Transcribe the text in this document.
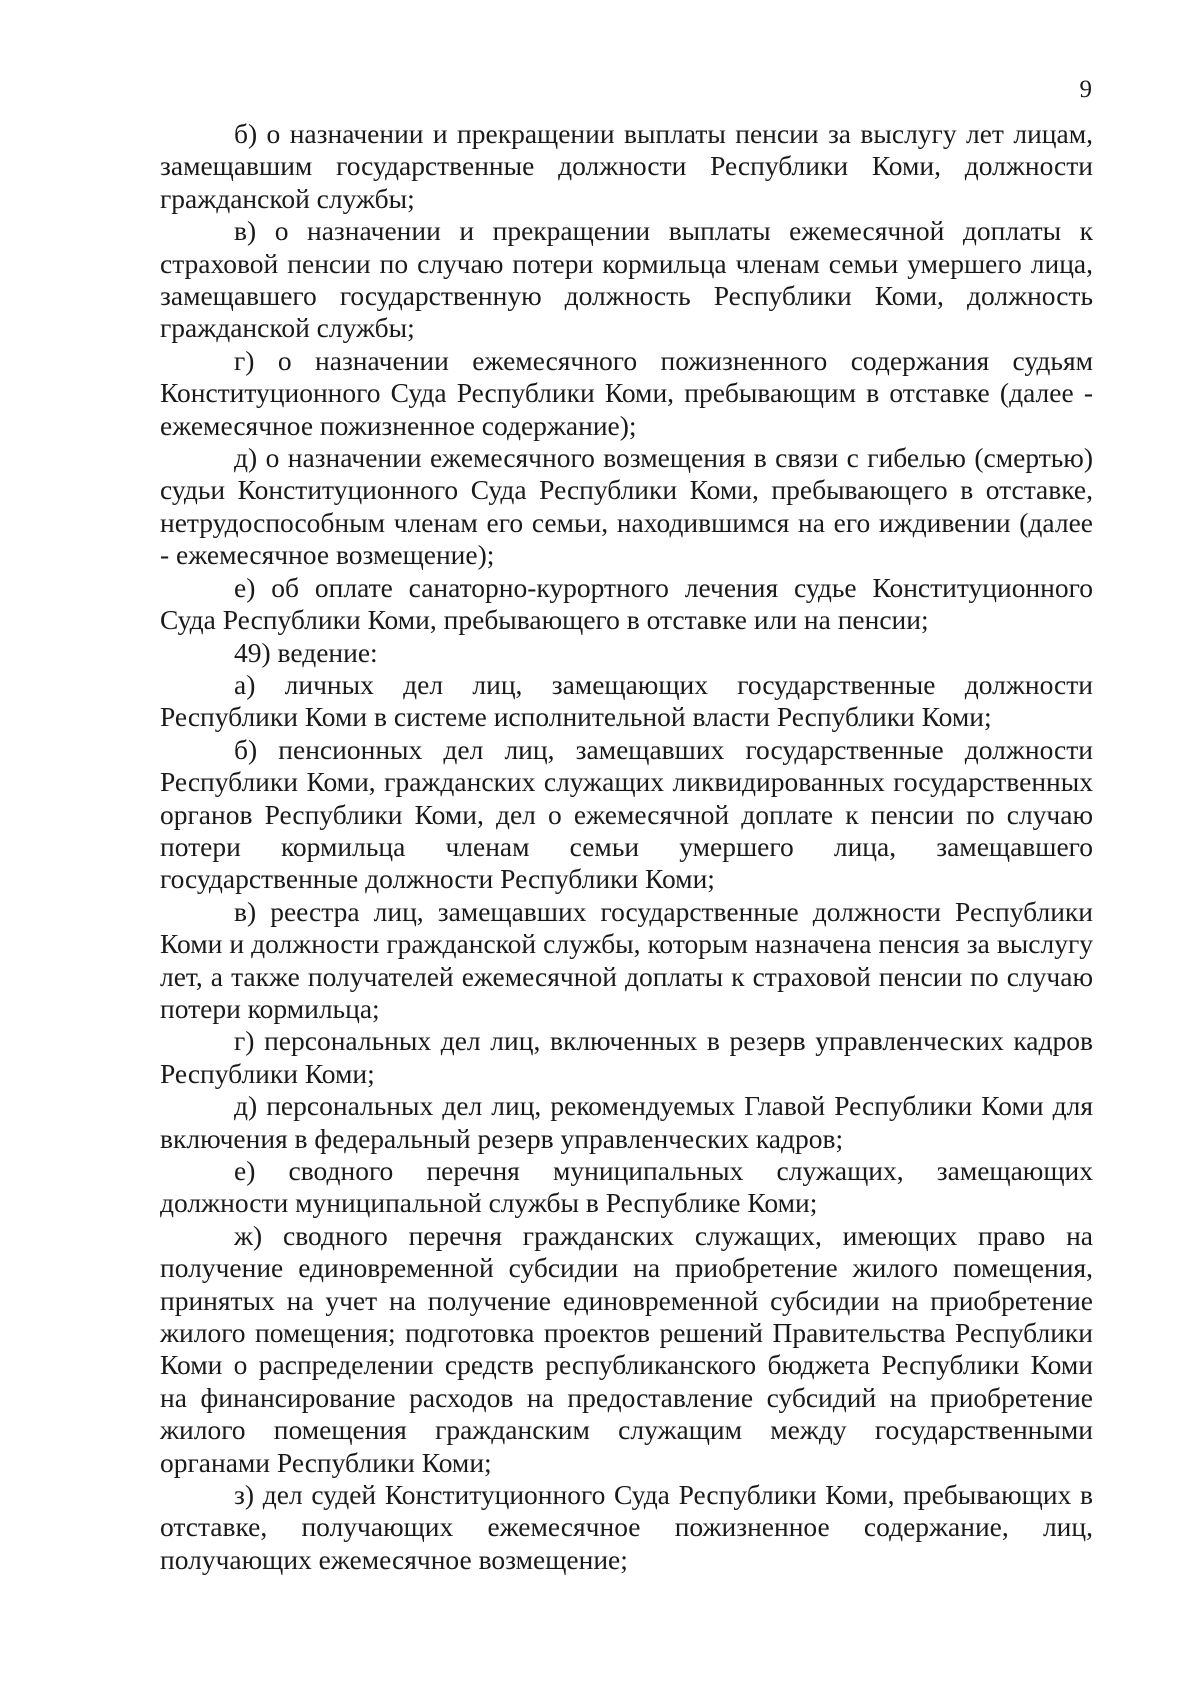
9

б) о назначении и прекращении выплаты пенсии за выслугу лет лицам, замещавшим государственные должности Республики Коми, должности гражданской службы;

в) о назначении и прекращении выплаты ежемесячной доплаты к страховой пенсии по случаю потери кормильца членам семьи умершего лица, замещавшего государственную должность Республики Коми, должность гражданской службы;

г) о назначении ежемесячного пожизненного содержания судьям Конституционного Суда Республики Коми, пребывающим в отставке (далее - ежемесячное пожизненное содержание);

д) о назначении ежемесячного возмещения в связи с гибелью (смертью) судьи Конституционного Суда Республики Коми, пребывающего в отставке, нетрудоспособным членам его семьи, находившимся на его иждивении (далее - ежемесячное возмещение);

е) об оплате санаторно-курортного лечения судье Конституционного Суда Республики Коми, пребывающего в отставке или на пенсии;

49) ведение:

а) личных дел лиц, замещающих государственные должности Республики Коми в системе исполнительной власти Республики Коми;

б) пенсионных дел лиц, замещавших государственные должности Республики Коми, гражданских служащих ликвидированных государственных органов Республики Коми, дел о ежемесячной доплате к пенсии по случаю потери кормильца членам семьи умершего лица, замещавшего государственные должности Республики Коми;

в) реестра лиц, замещавших государственные должности Республики Коми и должности гражданской службы, которым назначена пенсия за выслугу лет, а также получателей ежемесячной доплаты к страховой пенсии по случаю потери кормильца;

г) персональных дел лиц, включенных в резерв управленческих кадров Республики Коми;

д) персональных дел лиц, рекомендуемых Главой Республики Коми для включения в федеральный резерв управленческих кадров;

е) сводного перечня муниципальных служащих, замещающих должности муниципальной службы в Республике Коми;

ж) сводного перечня гражданских служащих, имеющих право на получение единовременной субсидии на приобретение жилого помещения, принятых на учет на получение единовременной субсидии на приобретение жилого помещения; подготовка проектов решений Правительства Республики Коми о распределении средств республиканского бюджета Республики Коми на финансирование расходов на предоставление субсидий на приобретение жилого помещения гражданским служащим между государственными органами Республики Коми;

з) дел судей Конституционного Суда Республики Коми, пребывающих в отставке, получающих ежемесячное пожизненное содержание, лиц, получающих ежемесячное возмещение;
